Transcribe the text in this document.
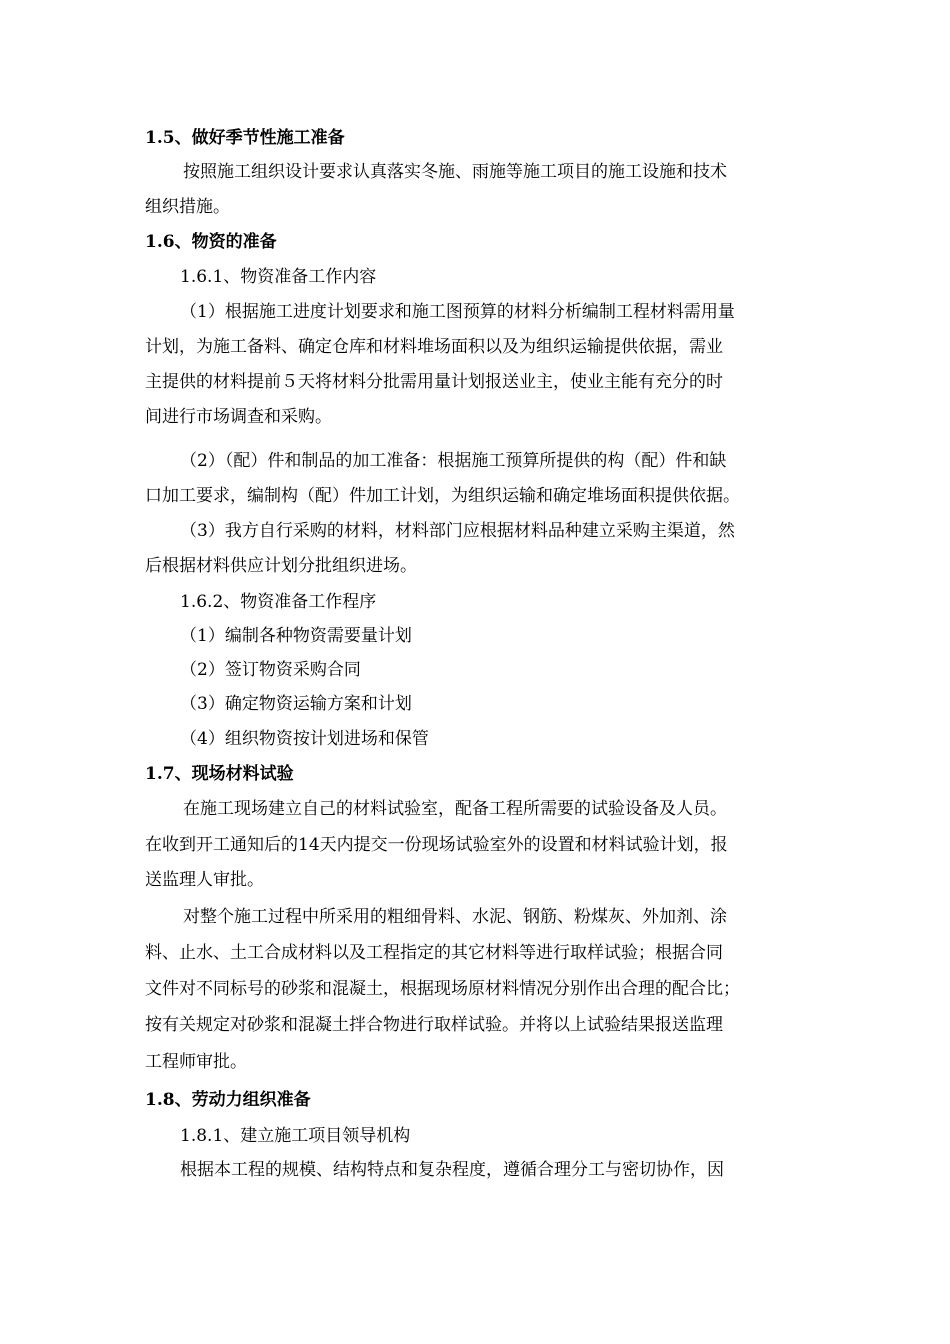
1.5、做好季节性施工准备
按照施工组织设计要求认真落实冬施、雨施等施工项目的施工设施和技术
组织措施。
1.6、物资的准备
1.6.1、物资准备工作内容
（1）根据施工进度计划要求和施工图预算的材料分析编制工程材料需用量
计划，为施工备料、确定仓库和材料堆场面积以及为组织运输提供依据，需业
主提供的材料提前５天将材料分批需用量计划报送业主，使业主能有充分的时
间进行市场调查和采购。
（2）（配）件和制品的加工准备：根据施工预算所提供的构（配）件和缺
口加工要求，编制构（配）件加工计划，为组织运输和确定堆场面积提供依据。
（3）我方自行采购的材料，材料部门应根据材料品种建立采购主渠道，然
后根据材料供应计划分批组织进场。
1.6.2、物资准备工作程序
（1）编制各种物资需要量计划
（2）签订物资采购合同
（3）确定物资运输方案和计划
（4）组织物资按计划进场和保管
1.7、现场材料试验
在施工现场建立自己的材料试验室，配备工程所需要的试验设备及人员。
在收到开工通知后的14天内提交一份现场试验室外的设置和材料试验计划，报
送监理人审批。
对整个施工过程中所采用的粗细骨料、水泥、钢筋、粉煤灰、外加剂、涂
料、止水、土工合成材料以及工程指定的其它材料等进行取样试验；根据合同
文件对不同标号的砂浆和混凝土，根据现场原材料情况分别作出合理的配合比；
按有关规定对砂浆和混凝土拌合物进行取样试验。并将以上试验结果报送监理
工程师审批。
1.8、劳动力组织准备
1.8.1、建立施工项目领导机构
根据本工程的规模、结构特点和复杂程度，遵循合理分工与密切协作，因
